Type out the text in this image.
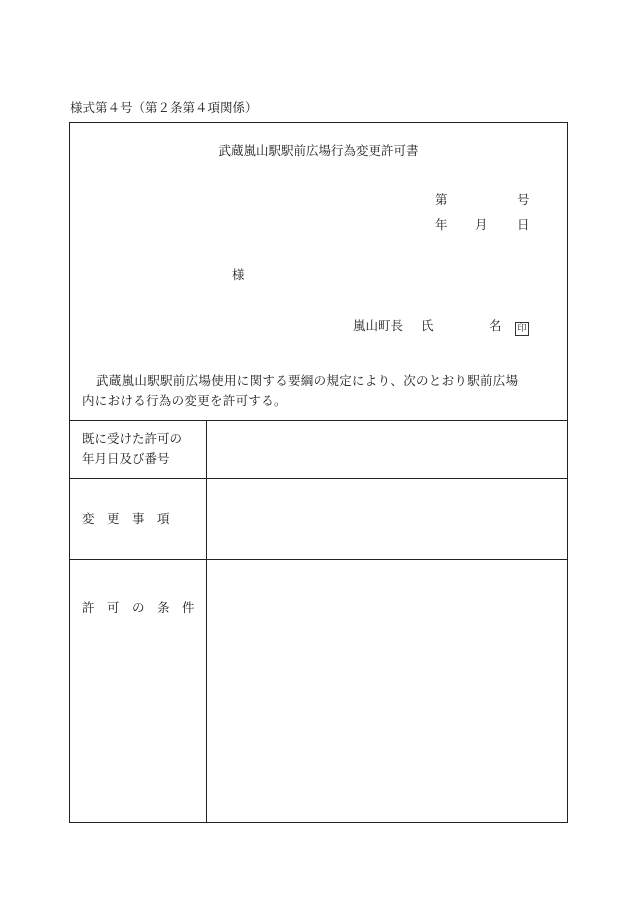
様式第４号（第２条第４項関係）
武蔵嵐山駅駅前広場行為変更許可書
第	号
年 月 日
様
嵐山町長 氏	名 印
武蔵嵐山駅駅前広場使用に関する要綱の規定により、次のとおり駅前広場
内における行為の変更を許可する。
既に受けた許可の
年月日及び番号
変　更　事　項
許　可　の　条　件
